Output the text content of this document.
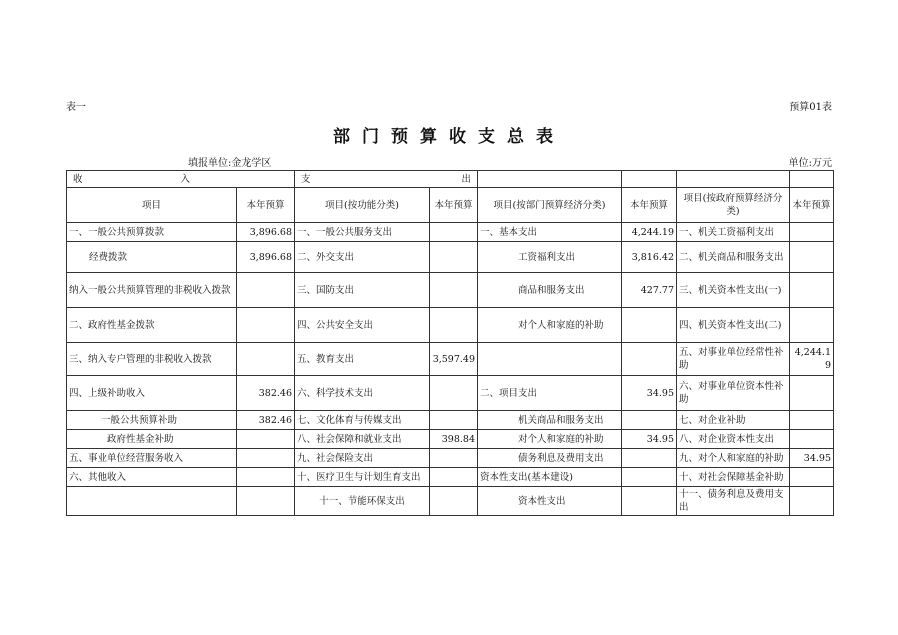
表一	预算01表
部门预算收支总表
填报单位:金龙学区	单位:万元
收 入		支 出					

项目	本年预算	项目(按功能分类)	本年预算	项目(按部门预算经济分类)	本年预算	项目(按政府预算经济分类)	本年预算
一、一般公共预算拨款	3,896.68	一、一般公共服务支出		一、基本支出	4,244.19	一、机关工资福利支出	
经费拨款	3,896.68	二、外交支出		工资福利支出	3,816.42	二、机关商品和服务支出	
纳入一般公共预算管理的非税收入拨款		三、国防支出		商品和服务支出	427.77	三、机关资本性支出(一)	
二、政府性基金拨款		四、公共安全支出		对个人和家庭的补助		四、机关资本性支出(二)	
三、纳入专户管理的非税收入拨款		五、教育支出	3,597.49			五、对事业单位经常性补助	4,244.19
四、上级补助收入	382.46	六、科学技术支出		二、项目支出	34.95	六、对事业单位资本性补助	
一般公共预算补助	382.46	七、文化体育与传媒支出		机关商品和服务支出		七、对企业补助	
政府性基金补助		八、社会保障和就业支出	398.84	对个人和家庭的补助	34.95	八、对企业资本性支出	
五、事业单位经营服务收入		九、社会保险支出		债务利息及费用支出		九、对个人和家庭的补助	34.95
六、其他收入		十、医疗卫生与计划生育支出		资本性支出(基本建设)		十、对社会保障基金补助	
		十一、节能环保支出		资本性支出		十一、债务利息及费用支出	
